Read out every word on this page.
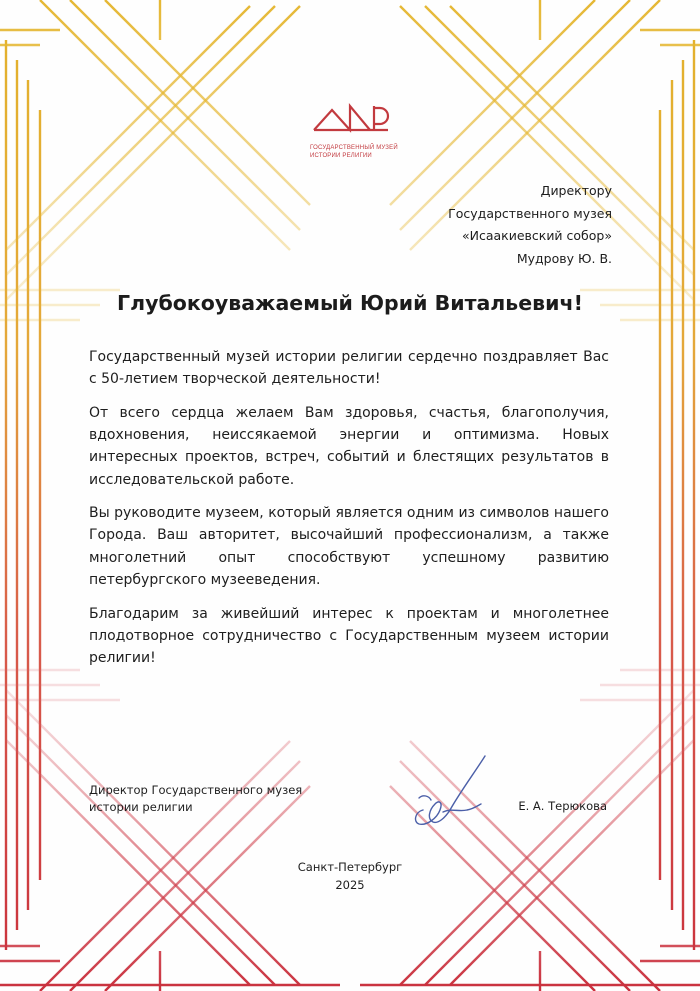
ГОСУДАРСТВЕННЫЙ МУЗЕЙ
ИСТОРИИ РЕЛИГИИ
Директору
Государственного музея
«Исаакиевский собор»
Мудрову Ю. В.
Глубокоуважаемый Юрий Витальевич!

Государственный музей истории религии сердечно поздравляет Вас с 50-летием творческой деятельности!

От всего сердца желаем Вам здоровья, счастья, благополучия, вдохновения, неиссякаемой энергии и оптимизма. Новых интересных проектов, встреч, событий и блестящих результатов в исследовательской работе.

Вы руководите музеем, который является одним из символов нашего Города. Ваш авторитет, высочайший профессионализм, а также многолетний опыт способствуют успешному развитию петербургского музееведения.

Благодарим за живейший интерес к проектам и многолетнее плодотворное сотрудничество с Государственным музеем истории религии!

Директор Государственного музея
истории религии	Е. А. Терюкова
Санкт-Петербург
2025
